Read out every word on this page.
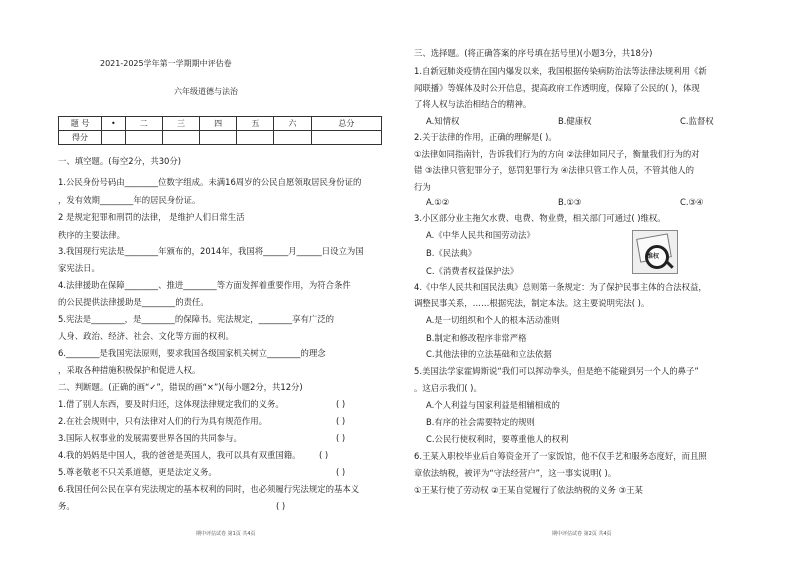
2021-2025学年第一学期期中评估卷
六年级道德与法治
题 号	•	二	三	四	五	六	总分
得分							
一、填空题。(每空2分，共30分)
1.公民身份号码由________位数字组成。未满16周岁的公民自愿领取居民身份证的
，发有效期________年的居民身份证。
2 是规定犯罪和刑罚的法律， 是维护人们日常生活
秩序的主要法律。
3.我国现行宪法是________年颁布的，2014年，我国将______月______日设立为国
家宪法日。
4.法律援助在保障________、推进________等方面发挥着重要作用，为符合条件
的公民提供法律援助是________的责任。
5.宪法是________，是________的保障书。宪法规定，________享有广泛的
人身、政治、经济、社会、文化等方面的权利。
6.________是我国宪法原则，要求我国各级国家机关树立________的理念
，采取各种措施积极保护和促进人权。
二、判断题。(正确的画“✓”，错误的画“×”)(每小题2分，共12分)
1.借了别人东西，要及时归还，这体现法律规定我们的义务。	( )
2.在社会规则中，只有法律对人们的行为具有规范作用。	( )
3.国际人权事业的发展需要世界各国的共同参与。	( )
4.我的妈妈是中国人，我的爸爸是英国人，我可以具有双重国籍。 ( )
5.尊老敬老不只关系道德，更是法定义务。	( )
6.我国任何公民在享有宪法规定的基本权利的同时，也必须履行宪法规定的基本义
务。	( )
期中评估试卷 第1页 共4页
三、选择题。(将正确答案的序号填在括号里)(小题3分，共18分)
1.自新冠肺炎疫情在国内爆发以来，我国根据传染病防治法等法律法规利用《新
闻联播》等媒体及时公开信息，提高政府工作透明度，保障了公民的( )，体现
了将人权与法治相结合的精神。
A.知情权	B.健康权	C.监督权
2.关于法律的作用，正确的理解是( )。
①法律如同指南针，告诉我们行为的方向 ②法律如同尺子，衡量我们行为的对
错 ③法律只管犯罪分子，惩罚犯罪行为 ④法律只管工作人员，不管其他人的
行为
A.①②	B.①③	C.③④
3.小区部分业主拖欠水费、电费、物业费，相关部门可通过( )维权。
A.《中华人民共和国劳动法》
B.《民法典》
C.《消费者权益保护法》
维权
4.《中华人民共和国民法典》总则第一条规定：为了保护民事主体的合法权益，
调整民事关系，……根据宪法，制定本法。这主要说明宪法( )。
A.是一切组织和个人的根本活动准则
B.制定和修改程序非常严格
C.其他法律的立法基础和立法依据
5.美国法学家霍姆斯说“我们可以挥动拳头，但是绝不能碰到另一个人的鼻子”
。这启示我们( )。
A.个人利益与国家利益是相辅相成的
B.有序的社会需要特定的规则
C.公民行使权利时，要尊重他人的权利
6.王某入职校毕业后自筹资金开了一家饭馆，他不仅手艺和服务态度好，而且照
章依法纳税，被评为“守法经营户”，这一事实说明( )。
①王某行使了劳动权 ②王某自觉履行了依法纳税的义务 ③王某
期中评估试卷 第2页 共4页
